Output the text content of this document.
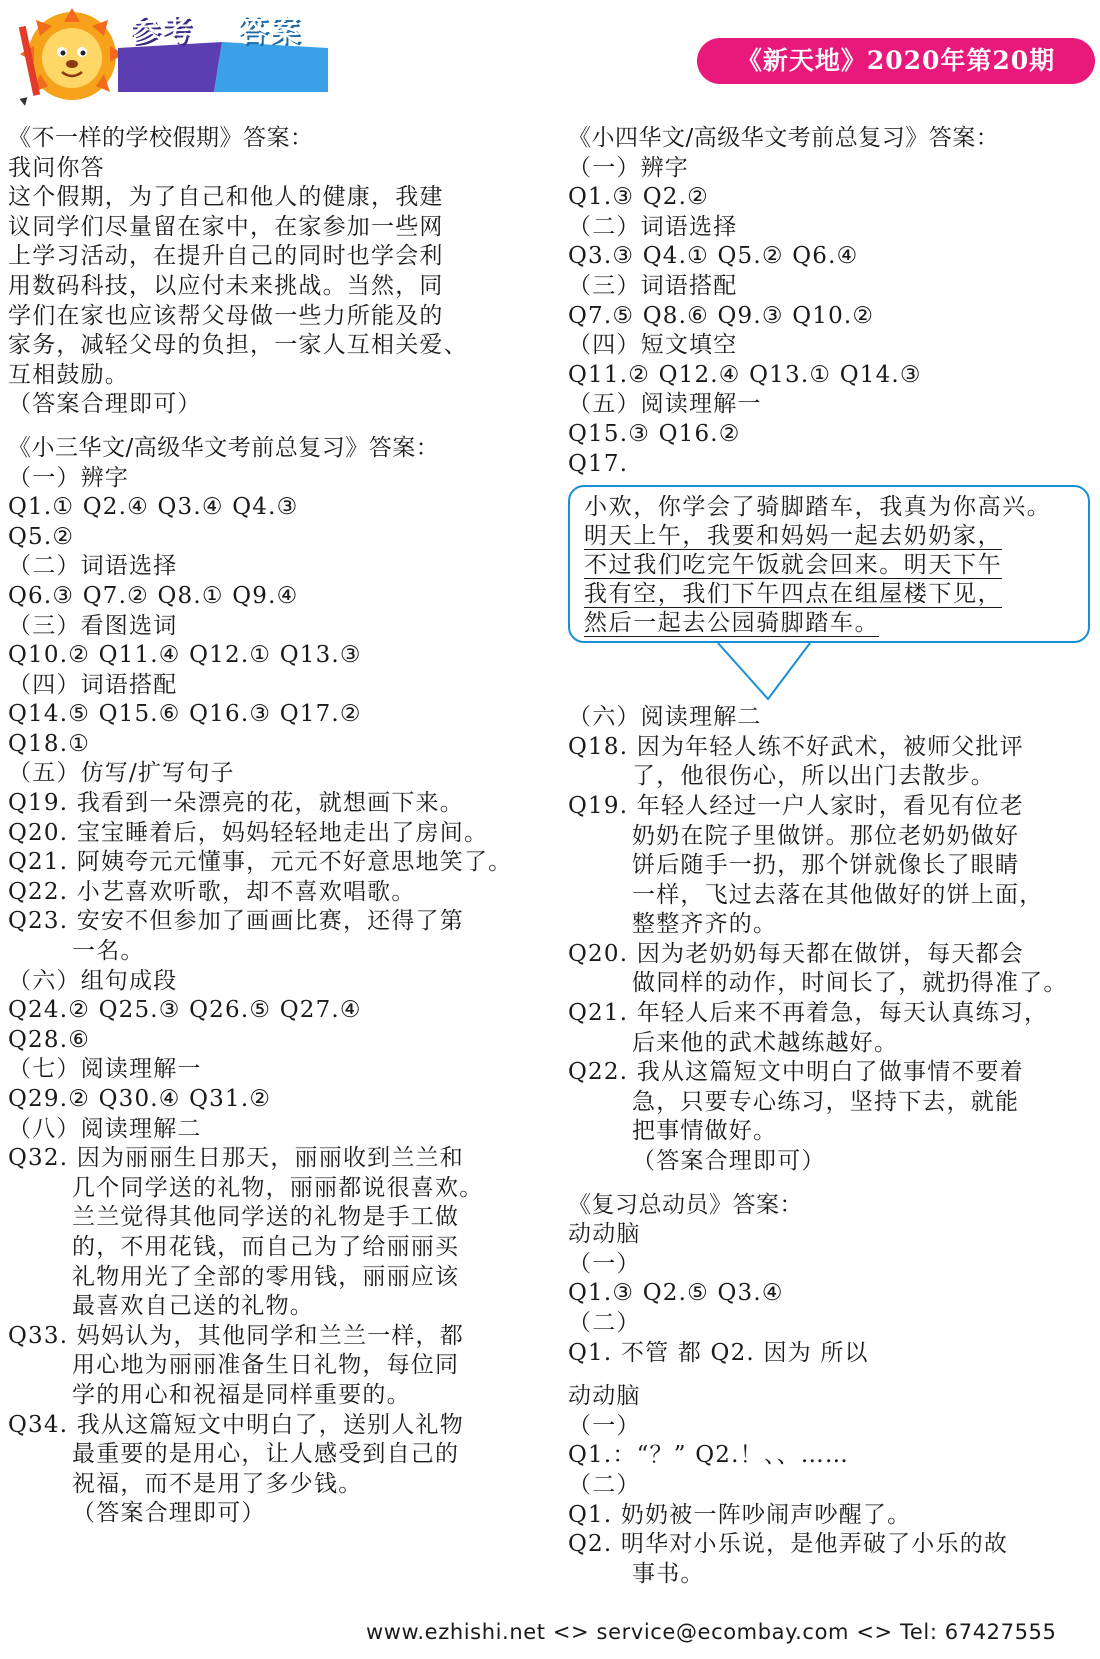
参考 答案
《新天地》2020年第20期
《不一样的学校假期》答案：
我问你答
这个假期，为了自己和他人的健康，我建
议同学们尽量留在家中，在家参加一些网
上学习活动，在提升自己的同时也学会利
用数码科技，以应付未来挑战。当然，同
学们在家也应该帮父母做一些力所能及的
家务，减轻父母的负担，一家人互相关爱、
互相鼓励。
（答案合理即可）
《小三华文/高级华文考前总复习》答案：
（一）辨字
Q1.① Q2.④ Q3.④ Q4.③
Q5.②
（二）词语选择
Q6.③ Q7.② Q8.① Q9.④
（三）看图选词
Q10.② Q11.④ Q12.① Q13.③
（四）词语搭配
Q14.⑤ Q15.⑥ Q16.③ Q17.②
Q18.①
（五）仿写/扩写句子
Q19. 我看到一朵漂亮的花，就想画下来。
Q20. 宝宝睡着后，妈妈轻轻地走出了房间。
Q21. 阿姨夸元元懂事，元元不好意思地笑了。
Q22. 小艺喜欢听歌，却不喜欢唱歌。
Q23. 安安不但参加了画画比赛，还得了第
一名。
（六）组句成段
Q24.② Q25.③ Q26.⑤ Q27.④
Q28.⑥
（七）阅读理解一
Q29.② Q30.④ Q31.②
（八）阅读理解二
Q32. 因为丽丽生日那天，丽丽收到兰兰和
几个同学送的礼物，丽丽都说很喜欢。
兰兰觉得其他同学送的礼物是手工做
的，不用花钱，而自己为了给丽丽买
礼物用光了全部的零用钱，丽丽应该
最喜欢自己送的礼物。
Q33. 妈妈认为，其他同学和兰兰一样，都
用心地为丽丽准备生日礼物，每位同
学的用心和祝福是同样重要的。
Q34. 我从这篇短文中明白了，送别人礼物
最重要的是用心，让人感受到自己的
祝福，而不是用了多少钱。
（答案合理即可）
《小四华文/高级华文考前总复习》答案：
（一）辨字
Q1.③ Q2.②
（二）词语选择
Q3.③ Q4.① Q5.② Q6.④
（三）词语搭配
Q7.⑤ Q8.⑥ Q9.③ Q10.②
（四）短文填空
Q11.② Q12.④ Q13.① Q14.③
（五）阅读理解一
Q15.③ Q16.②
Q17.
小欢，你学会了骑脚踏车，我真为你高兴。
明天上午，我要和妈妈一起去奶奶家，
不过我们吃完午饭就会回来。明天下午
我有空，我们下午四点在组屋楼下见，
然后一起去公园骑脚踏车。
（六）阅读理解二
Q18. 因为年轻人练不好武术，被师父批评
了，他很伤心，所以出门去散步。
Q19. 年轻人经过一户人家时，看见有位老
奶奶在院子里做饼。那位老奶奶做好
饼后随手一扔，那个饼就像长了眼睛
一样，飞过去落在其他做好的饼上面，
整整齐齐的。
Q20. 因为老奶奶每天都在做饼，每天都会
做同样的动作，时间长了，就扔得准了。
Q21. 年轻人后来不再着急，每天认真练习，
后来他的武术越练越好。
Q22. 我从这篇短文中明白了做事情不要着
急，只要专心练习，坚持下去，就能
把事情做好。
（答案合理即可）
《复习总动员》答案：
动动脑
（一）
Q1.③ Q2.⑤ Q3.④
（二）
Q1. 不管 都 Q2. 因为 所以
动动脑
（一）
Q1.：“？” Q2.！、、……
（二）
Q1. 奶奶被一阵吵闹声吵醒了。
Q2. 明华对小乐说，是他弄破了小乐的故
事书。
www.ezhishi.net <> service@ecombay.com <> Tel: 67427555
